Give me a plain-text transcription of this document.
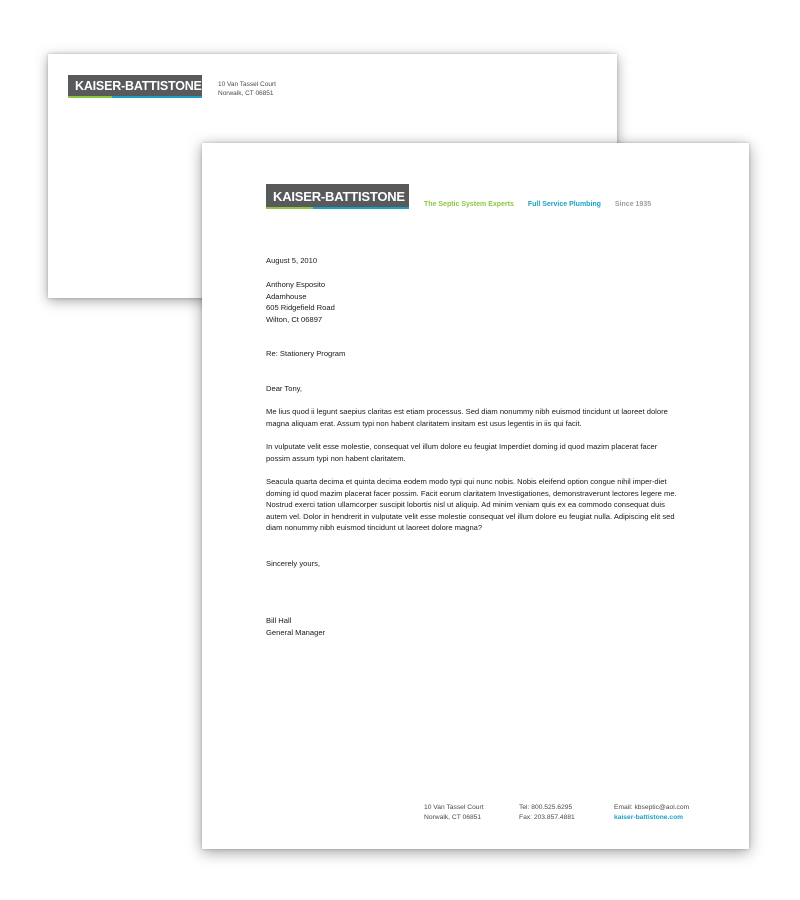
KAISER-BATTISTONE	10 Van Tassel Court
Norwalk, CT 06851
KAISER-BATTISTONE
The Septic System Experts Full Service Plumbing Since 1935
August 5, 2010
Anthony Esposito
Adamhouse
605 Ridgefield Road
Wilton, Ct 06897
Re: Stationery Program
Dear Tony,

Me lius quod ii legunt saepius claritas est etiam processus. Sed diam nonummy nibh euismod tincidunt ut laoreet dolore magna aliquam erat. Assum typi non habent claritatem insitam est usus legentis in iis qui facit.

In vulputate velit esse molestie, consequat vel illum dolore eu feugiat Imperdiet doming id quod mazim placerat facer possim assum typi non habent claritatem.

Seacula quarta decima et quinta decima eodem modo typi qui nunc nobis. Nobis eleifend option congue nihil imper-diet doming id quod mazim placerat facer possim. Facit eorum claritatem Investigationes, demonstraverunt lectores legere me. Nostrud exerci tation ullamcorper suscipit lobortis nisl ut aliquip. Ad minim veniam quis ex ea commodo consequat duis autem vel. Dolor in hendrerit in vulputate velit esse molestie consequat vel illum dolore eu feugiat nulla. Adipiscing elit sed diam nonummy nibh euismod tincidunt ut laoreet dolore magna?

Sincerely yours,
Bill Hall
General Manager
10 Van Tassel Court
Norwalk, CT 06851
Tel: 800.525.6295
Fax: 203.857.4881
Email: kbseptic@aol.com
kaiser-battistone.com
